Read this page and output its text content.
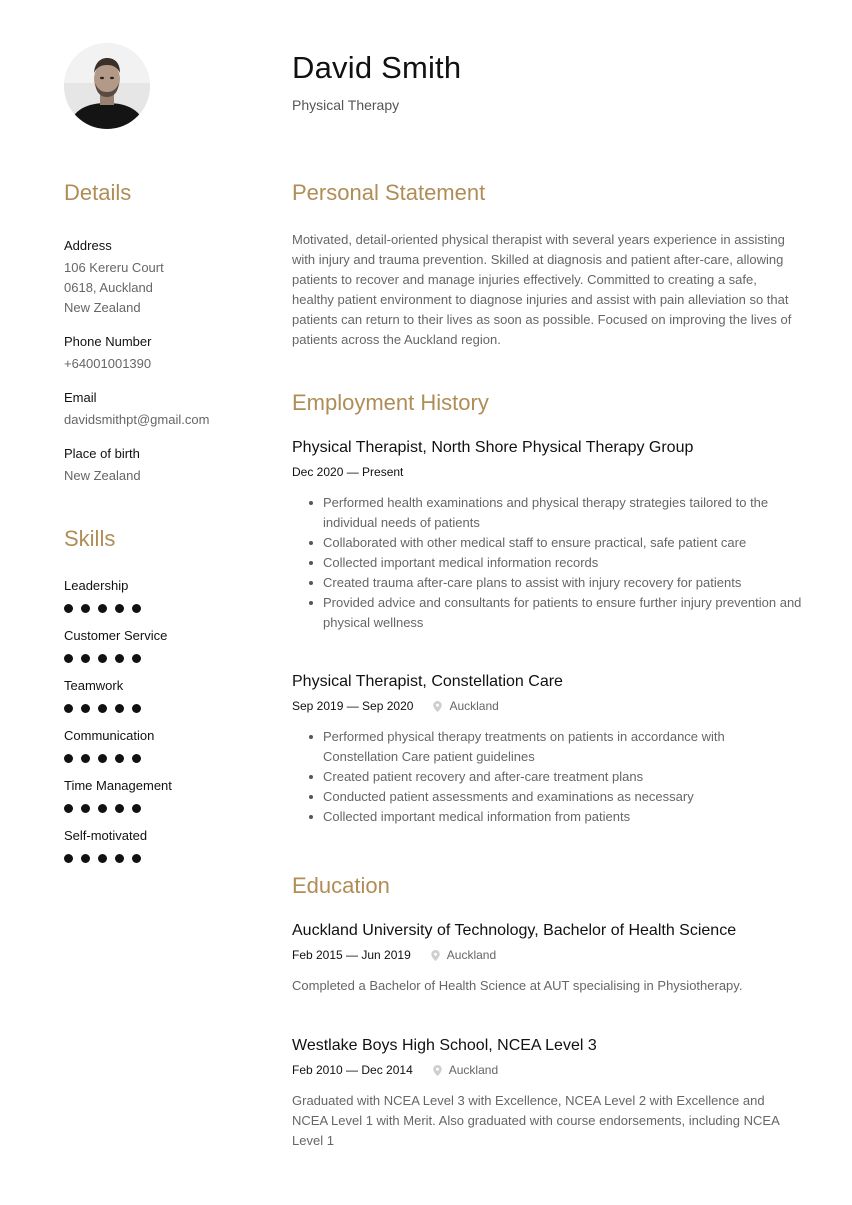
David Smith
Physical Therapy
Details
Address
106 Kereru Court
0618, Auckland
New Zealand
Phone Number
+64001001390
Email
davidsmithpt@gmail.com
Place of birth
New Zealand
Skills
Leadership
Customer Service
Teamwork
Communication
Time Management
Self-motivated
Personal Statement
Motivated, detail-oriented physical therapist with several years experience in assisting with injury and trauma prevention. Skilled at diagnosis and patient after-care, allowing patients to recover and manage injuries effectively. Committed to creating a safe, healthy patient environment to diagnose injuries and assist with pain alleviation so that patients can return to their lives as soon as possible. Focused on improving the lives of patients across the Auckland region.
Employment History
Physical Therapist, North Shore Physical Therapy Group
Dec 2020 — Present
Performed health examinations and physical therapy strategies tailored to the individual needs of patients
Collaborated with other medical staff to ensure practical, safe patient care
Collected important medical information records
Created trauma after-care plans to assist with injury recovery for patients
Provided advice and consultants for patients to ensure further injury prevention and physical wellness
Physical Therapist, Constellation Care
Sep 2019 — Sep 2020	Auckland
Performed physical therapy treatments on patients in accordance with Constellation Care patient guidelines
Created patient recovery and after-care treatment plans
Conducted patient assessments and examinations as necessary
Collected important medical information from patients
Education
Auckland University of Technology, Bachelor of Health Science
Feb 2015 — Jun 2019	Auckland
Completed a Bachelor of Health Science at AUT specialising in Physiotherapy.
Westlake Boys High School, NCEA Level 3
Feb 2010 — Dec 2014	Auckland
Graduated with NCEA Level 3 with Excellence, NCEA Level 2 with Excellence and NCEA Level 1 with Merit. Also graduated with course endorsements, including NCEA Level 1
